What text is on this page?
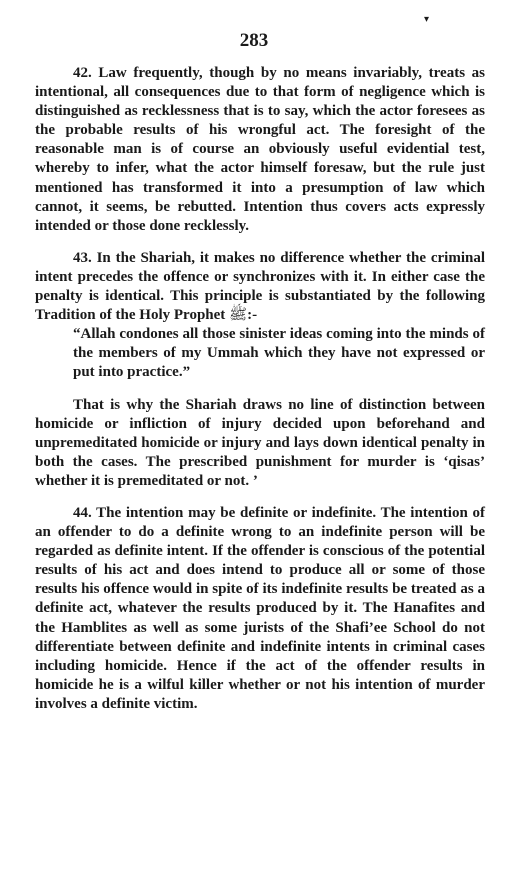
▾
283

42. Law frequently, though by no means invariably, treats as intentional, all consequences due to that form of negligence which is distinguished as recklessness that is to say, which the actor foresees as the probable results of his wrongful act. The foresight of the reasonable man is of course an obviously useful evidential test, whereby to infer, what the actor himself foresaw, but the rule just mentioned has transformed it into a presumption of law which cannot, it seems, be rebutted. Intention thus covers acts expressly intended or those done recklessly.

43. In the Shariah, it makes no difference whether the criminal intent precedes the offence or synchronizes with it. In either case the penalty is identical. This principle is substantiated by the following Tradition of the Holy Prophet ﷺ:-

“Allah condones all those sinister ideas coming into the minds of the members of my Ummah which they have not expressed or put into practice.”

That is why the Shariah draws no line of distinction between homicide or infliction of injury decided upon beforehand and unpremeditated homicide or injury and lays down identical penalty in both the cases. The prescribed punishment for murder is ‘qisas’ whether it is premeditated or not. ’

44. The intention may be definite or indefinite. The intention of an offender to do a definite wrong to an indefinite person will be regarded as definite intent. If the offender is conscious of the potential results of his act and does intend to produce all or some of those results his offence would in spite of its indefinite results be treated as a definite act, whatever the results produced by it. The Hanafites and the Hamblites as well as some jurists of the Shafi’ee School do not differentiate between definite and indefinite intents in criminal cases including homicide. Hence if the act of the offender results in homicide he is a wilful killer whether or not his intention of murder involves a definite victim.
